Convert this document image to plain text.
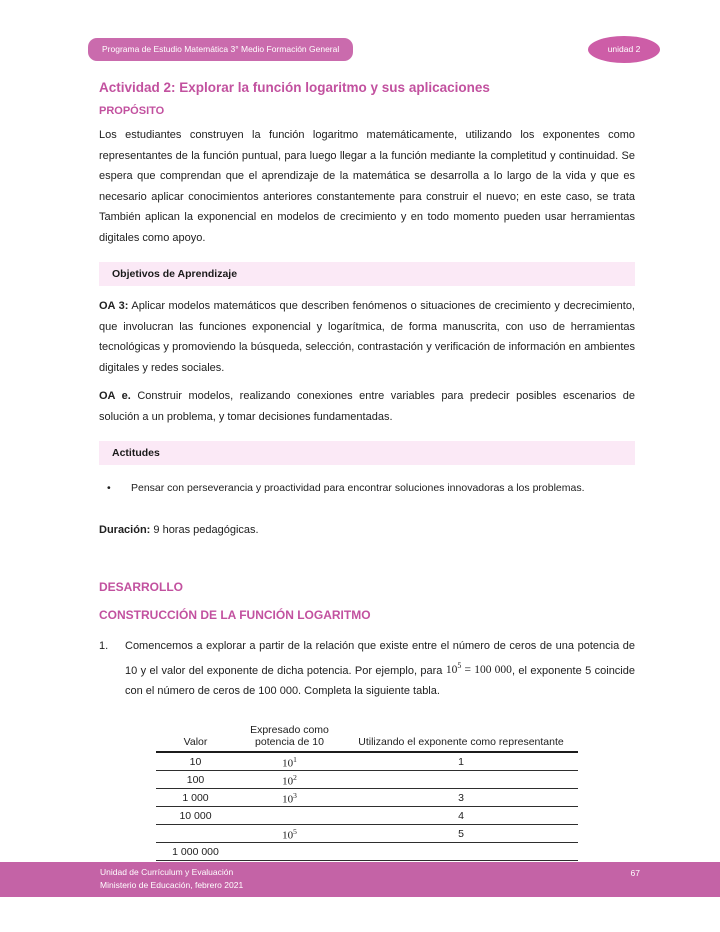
Programa de Estudio Matemática 3° Medio Formación General	unidad 2
Actividad 2: Explorar la función logaritmo y sus aplicaciones
PROPÓSITO

Los estudiantes construyen la función logaritmo matemáticamente, utilizando los exponentes como representantes de la función puntual, para luego llegar a la función mediante la completitud y continuidad. Se espera que comprendan que el aprendizaje de la matemática se desarrolla a lo largo de la vida y que es necesario aplicar conocimientos anteriores constantemente para construir el nuevo; en este caso, se trata También aplican la exponencial en modelos de crecimiento y en todo momento pueden usar herramientas digitales como apoyo.

Objetivos de Aprendizaje

OA 3: Aplicar modelos matemáticos que describen fenómenos o situaciones de crecimiento y decrecimiento, que involucran las funciones exponencial y logarítmica, de forma manuscrita, con uso de herramientas tecnológicas y promoviendo la búsqueda, selección, contrastación y verificación de información en ambientes digitales y redes sociales.

OA e. Construir modelos, realizando conexiones entre variables para predecir posibles escenarios de solución a un problema, y tomar decisiones fundamentadas.

Actitudes
•	Pensar con perseverancia y proactividad para encontrar soluciones innovadoras a los problemas.

Duración: 9 horas pedagógicas.

DESARROLLO
CONSTRUCCIÓN DE LA FUNCIÓN LOGARITMO
1.	Comencemos a explorar a partir de la relación que existe entre el número de ceros de una potencia de 10 y el valor del exponente de dicha potencia. Por ejemplo, para $10^5 = 100$ 000, el exponente 5 coincide con el número de ceros de 100 000. Completa la siguiente tabla.

Valor	Expresado como potencia de 10	Utilizando el exponente como representante
10	$10^1$	1
100	$10^2$	
1 000	$10^3$	3
10 000		4
	$10^5$	5
1 000 000		
Unidad de Currículum y Evaluación
Ministerio de Educación, febrero 2021
67
